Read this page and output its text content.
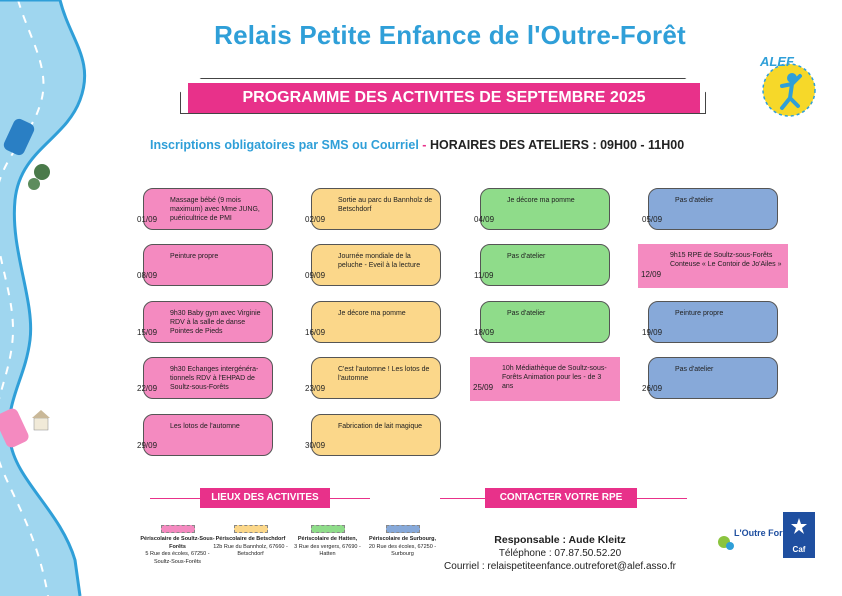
Relais Petite Enfance de l'Outre-Forêt
PROGRAMME DES ACTIVITES DE SEPTEMBRE 2025
ALEF
Inscriptions obligatoires par SMS ou Courriel - HORAIRES DES ATELIERS : 09H00 - 11H00
01/09
Massage bébé (9 mois maximum) avec Mme JUNG, puéricultrice de PMI
08/09
Peinture propre
15/09
9h30 Baby gym avec Virginie RDV à la salle de danse Pointes de Pieds
22/09
9h30 Echanges intergénéra-tionnels RDV à l'EHPAD de Soultz-sous-Forêts
29/09
Les lotos de l'automne
02/09
Sortie au parc du Bannholz de Betschdorf
09/09
Journée mondiale de la peluche - Eveil à la lecture
16/09
Je décore ma pomme
23/09
C'est l'automne ! Les lotos de l'automne
30/09
Fabrication de lait magique
04/09
Je décore ma pomme
11/09
Pas d'atelier
18/09
Pas d'atelier
25/09
10h Médiathèque de Soultz-sous-Forêts Animation pour les - de 3 ans
05/09
Pas d'atelier
12/09
9h15 RPE de Soultz-sous-Forêts Conteuse « Le Contoir de Jo'Ailes »
19/09
Peinture propre
26/09
Pas d'atelier
LIEUX DES ACTIVITES	CONTACTER VOTRE RPE
Périscolaire de Soultz-Sous-Forêts
5 Rue des écoles, 67250 - Soultz-Sous-Forêts
Périscolaire de Betschdorf
12b Rue du Bannholz, 67660 - Betschdorf
Périscolaire de Hatten,
3 Rue des vergers, 67690 - Hatten
Périscolaire de Surbourg,
20 Rue des écoles, 67250 - Surbourg
Responsable : Aude Kleitz
Téléphone : 07.87.50.52.20
Courriel : relaispetiteenfance.outreforet@alef.asso.fr
L'Outre Forêt
Caf
